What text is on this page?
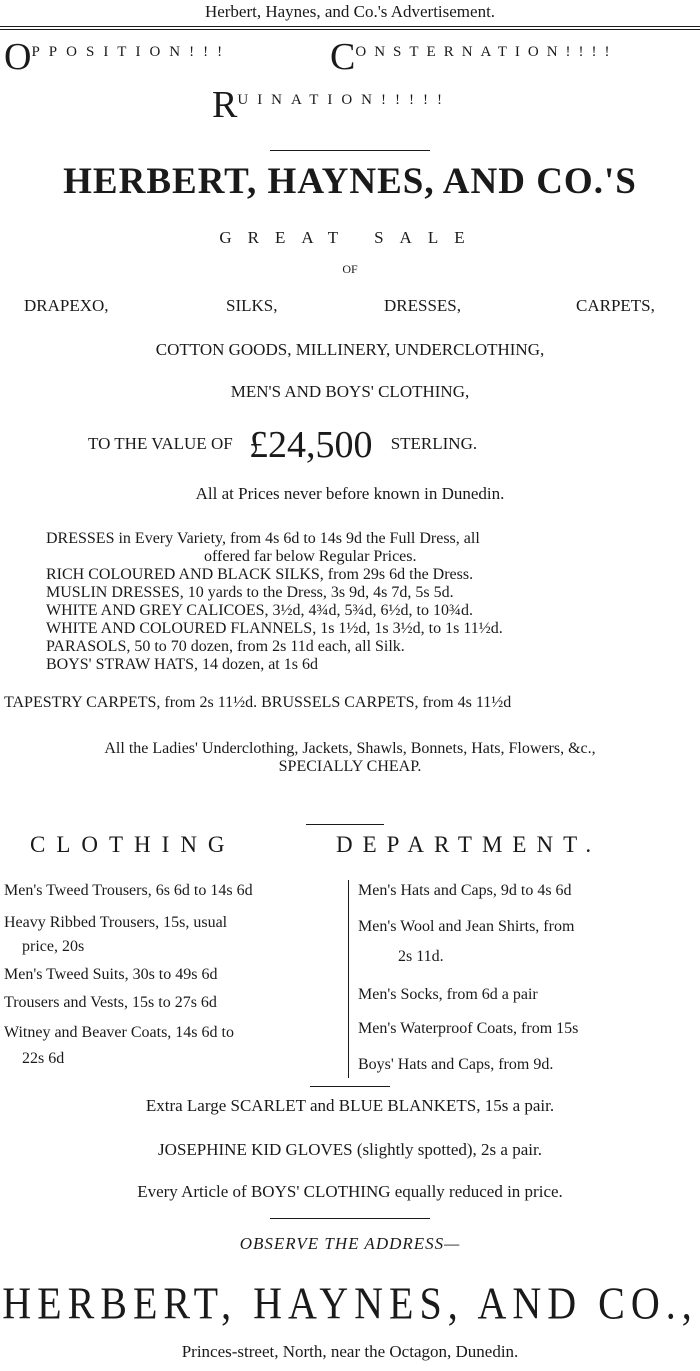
Herbert, Haynes, and Co.'s Advertisement.
OPPOSITION!!!	CONSTERNATION!!!!
RUINATION!!!!!
HERBERT, HAYNES, AND CO.'S
GREAT SALE
OF
DRAPEXO,	SILKS,	DRESSES,	CARPETS,
COTTON GOODS, MILLINERY, UNDERCLOTHING,
MEN'S AND BOYS' CLOTHING,
TO THE VALUE OF £24,500 STERLING.
All at Prices never before known in Dunedin.
DRESSES in Every Variety, from 4s 6d to 14s 9d the Full Dress, all
offered far below Regular Prices.
RICH COLOURED AND BLACK SILKS, from 29s 6d the Dress.
MUSLIN DRESSES, 10 yards to the Dress, 3s 9d, 4s 7d, 5s 5d.
WHITE AND GREY CALICOES, 3½d, 4¾d, 5¾d, 6½d, to 10¾d.
WHITE AND COLOURED FLANNELS, 1s 1½d, 1s 3½d, to 1s 11½d.
PARASOLS, 50 to 70 dozen, from 2s 11d each, all Silk.
BOYS' STRAW HATS, 14 dozen, at 1s 6d
TAPESTRY CARPETS, from 2s 11½d. BRUSSELS CARPETS, from 4s 11½d
All the Ladies' Underclothing, Jackets, Shawls, Bonnets, Hats, Flowers, &c.,
SPECIALLY CHEAP.
CLOTHING	DEPARTMENT.
Men's Tweed Trousers, 6s 6d to 14s 6d
Heavy Ribbed Trousers, 15s, usual
price, 20s
Men's Tweed Suits, 30s to 49s 6d
Trousers and Vests, 15s to 27s 6d
Witney and Beaver Coats, 14s 6d to
22s 6d
Men's Hats and Caps, 9d to 4s 6d
Men's Wool and Jean Shirts, from
2s 11d.
Men's Socks, from 6d a pair
Men's Waterproof Coats, from 15s
Boys' Hats and Caps, from 9d.
Extra Large SCARLET and BLUE BLANKETS, 15s a pair.
JOSEPHINE KID GLOVES (slightly spotted), 2s a pair.
Every Article of BOYS' CLOTHING equally reduced in price.
OBSERVE THE ADDRESS—
HERBERT, HAYNES, AND CO.,
Princes-street, North, near the Octagon, Dunedin.
